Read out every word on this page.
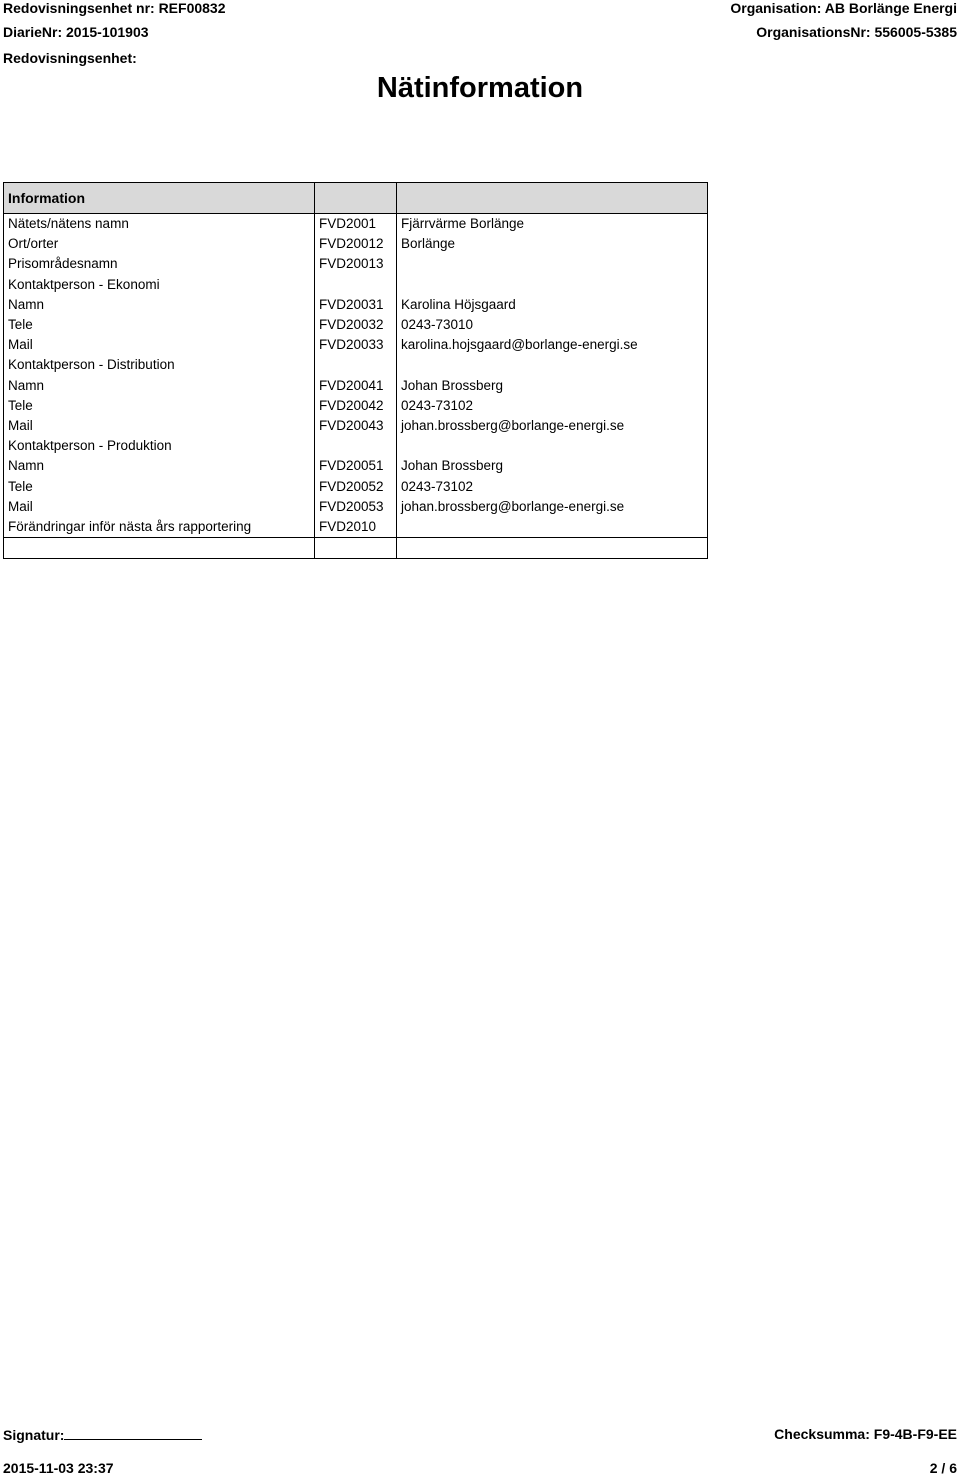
Redovisningsenhet nr: REF00832
DiarieNr: 2015-101903
Redovisningsenhet:
Organisation: AB Borlänge Energi
OrganisationsNr: 556005-5385
Nätinformation
Information		
Nätets/nätens namn	FVD2001	Fjärrvärme Borlänge
Ort/orter	FVD20012	Borlänge
Prisområdesnamn	FVD20013	
Kontaktperson - Ekonomi		
Namn	FVD20031	Karolina Höjsgaard
Tele	FVD20032	0243-73010
Mail	FVD20033	karolina.hojsgaard@borlange-energi.se
Kontaktperson - Distribution		
Namn	FVD20041	Johan Brossberg
Tele	FVD20042	0243-73102
Mail	FVD20043	johan.brossberg@borlange-energi.se
Kontaktperson - Produktion		
Namn	FVD20051	Johan Brossberg
Tele	FVD20052	0243-73102
Mail	FVD20053	johan.brossberg@borlange-energi.se
Förändringar inför nästa års rapportering	FVD2010	

Signatur:	Checksumma: F9-4B-F9-EE
2015-11-03 23:37	2 / 6
